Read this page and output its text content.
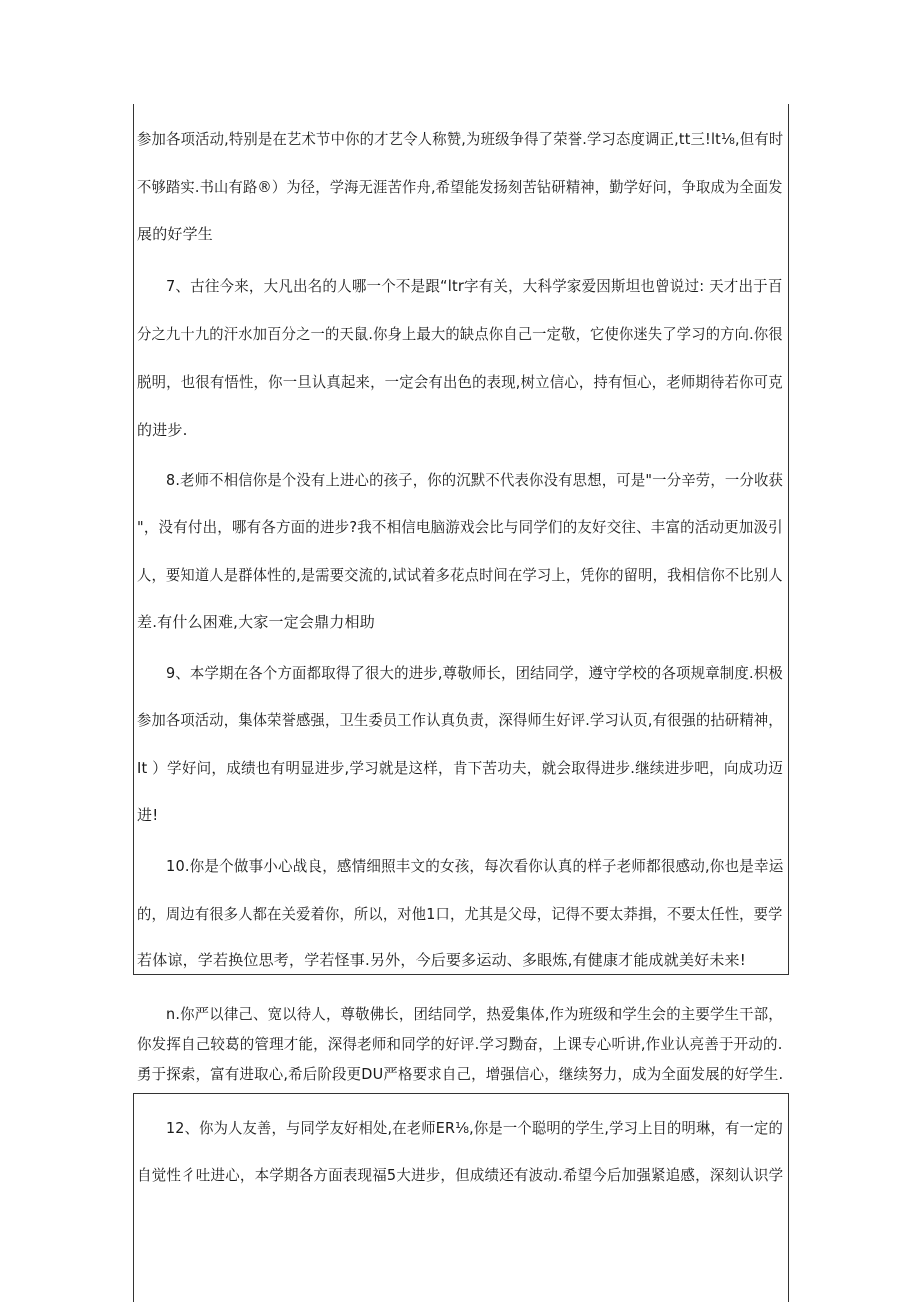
参加各项活动,特别是在艺术节中你的才艺令人称赞,为班级争得了荣誉.学习态度调正,tt三!lt⅛,但有时
不够踏实.书山有路®）为径，学海无涯苦作舟,希望能发扬刻苦钻研精神，勤学好问，争取成为全面发
展的好学生
7、古往今来，大凡出名的人哪一个不是跟“ltr字有关，大科学家爱因斯坦也曾说过: 天才出于百
分之九十九的汗水加百分之一的天鼠.你身上最大的缺点你自己一定敬，它使你迷失了学习的方向.你很
脱明，也很有悟性，你一旦认真起来，一定会有出色的表现,树立信心，持有恒心，老师期待若你可克
的进步.
8.老师不相信你是个没有上进心的孩子，你的沉默不代表你没有思想，可是"一分辛劳，一分收获
"，没有付出，哪有各方面的进步?我不相信电脑游戏会比与同学们的友好交往、丰富的活动更加汲引
人，要知道人是群体性的,是需要交流的,试试着多花点时间在学习上，凭你的留明，我相信你不比别人
差.有什么困难,大家一定会鼎力相助
9、本学期在各个方面都取得了很大的进步,尊敬师长，团结同学，遵守学校的各项规章制度.枳极
参加各项活动，集体荣誉感强，卫生委员工作认真负责，深得师生好评.学习认页,有很强的拈研精神，
It ）学好问，成绩也有明显进步,学习就是这样，肯下苦功夫，就会取得进步.继续进步吧，向成功迈
进!
10.你是个做事小心战良，感情细照丰文的女孩，每次看你认真的样子老师都很感动,你也是幸运
的，周边有很多人都在关爱着你，所以，对他1口，尤其是父母，记得不要太莽揖，不要太任性，要学
若体谅，学若换位思考，学若怪事.另外，今后要多运动、多眼炼,有健康才能成就美好未来!
n.你严以律己、宽以待人，尊敬佛长，团结同学，热爱集体,作为班级和学生会的主要学生干部，
你发挥自己较葛的管理才能，深得老师和同学的好评.学习黝奋，上课专心听讲,作业认亮善于开动的.
勇于探索，富有进取心,希后阶段更DU严格要求自己，增强信心，继续努力，成为全面发展的好学生.
12、你为人友善，与同学友好相处,在老师ER⅛,你是一个聪明的学生,学习上目的明琳，有一定的
自觉性彳吐进心，本学期各方面表现福5大进步，但成绩还有波动.希望今后加强紧追感，深刻认识学
